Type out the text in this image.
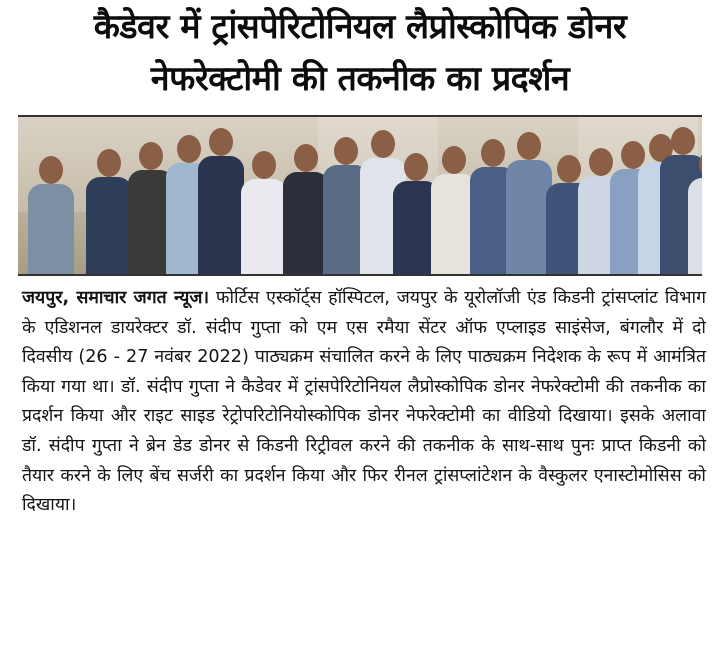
कैडेवर में ट्रांसपेरिटोनियल लैप्रोस्कोपिक डोनर
नेफरेक्टोमी की तकनीक का प्रदर्शन
जयपुर, समाचार जगत न्यूज। फोर्टिस एस्कॉर्ट्स हॉस्पिटल, जयपुर के यूरोलॉजी एंड किडनी ट्रांसप्लांट विभाग के एडिशनल डायरेक्टर डॉ. संदीप गुप्ता को एम एस रमैया सेंटर ऑफ एप्लाइड साइंसेज, बंगलौर में दो दिवसीय (26 - 27 नवंबर 2022) पाठ्यक्रम संचालित करने के लिए पाठ्यक्रम निदेशक के रूप में आमंत्रित किया गया था। डॉ. संदीप गुप्ता ने कैडेवर में ट्रांसपेरिटोनियल लैप्रोस्कोपिक डोनर नेफरेक्टोमी की तकनीक का प्रदर्शन किया और राइट साइड रेट्रोपरिटोनियोस्कोपिक डोनर नेफरेक्टोमी का वीडियो दिखाया। इसके अलावा डॉ. संदीप गुप्ता ने ब्रेन डेड डोनर से किडनी रिट्रीवल करने की तकनीक के साथ-साथ पुनः प्राप्त किडनी को तैयार करने के लिए बेंच सर्जरी का प्रदर्शन किया और फिर रीनल ट्रांसप्लांटेशन के वैस्कुलर एनास्टोमोसिस को दिखाया।
